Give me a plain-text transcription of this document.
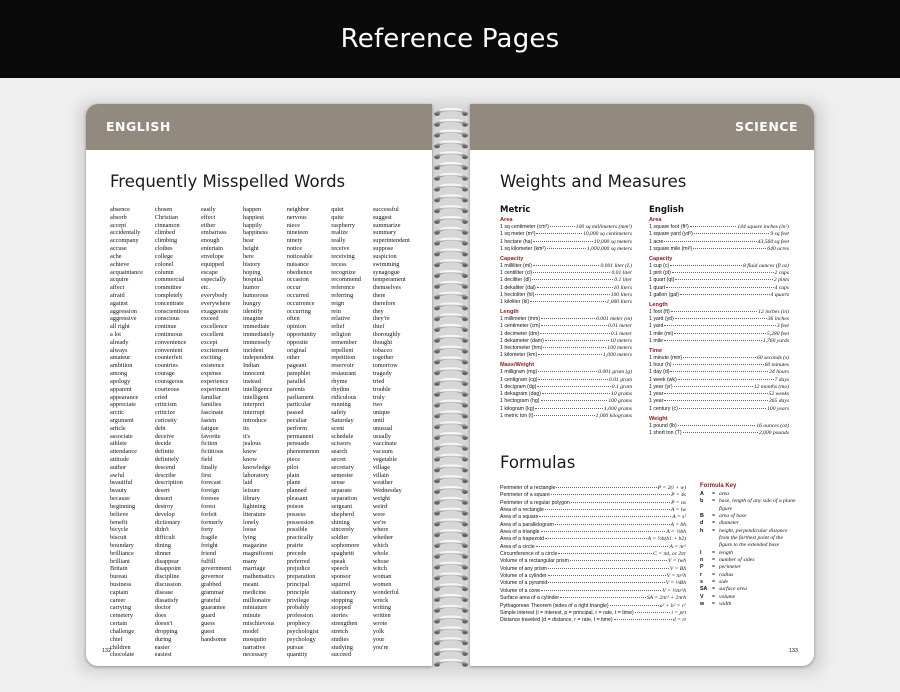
Reference Pages
ENGLISH
Frequently Misspelled Words
absence
absorb
accept
accidentally
accompany
accuse
ache
achieve
acquaintance
acquire
affect
afraid
against
aggression
aggressive
all right
a lot
already
always
amateur
ambition
among
apology
apparent
appearance
appreciate
arctic
argument
article
associate
athlete
attendance
attitude
author
awful
beautiful
beauty
because
beginning
believe
benefit
bicycle
biscuit
boundary
brilliance
brilliant
Britain
bureau
business
captain
career
carrying
cemetery
certain
challenge
chief
children
chocolate
chosen
Christian
cinnamon
climbed
climbing
clothes
college
colonel
column
commercial
committee
completely
concentrate
conscientious
conscious
continue
continuous
convenience
convenient
counterfeit
countries
courage
courageous
courteous
cried
criticism
criticize
curiosity
debt
deceive
decide
definite
definitely
descend
describe
description
desert
dessert
destroy
develop
dictionary
didn't
difficult
dining
dinner
disappear
disappoint
discipline
discussion
disease
dissatisfy
doctor
does
doesn't
dropping
during
easier
easiest
easily
effect
either
embarrass
enough
entertain
envelope
equipped
escape
especially
etc.
everybody
everywhere
exaggerate
exceed
excellence
excellent
except
excitement
exciting
existence
expense
experience
experiment
familiar
families
fascinate
fasten
fatigue
favorite
fiction
fictitious
field
finally
first
forecast
foreign
foresee
forest
forfeit
formerly
forty
fragile
freight
friend
fulfill
government
governor
grabbed
grammar
grateful
guarantee
guard
guess
guest
handsome
happen
happiest
happily
happiness
hear
height
here
history
hoping
hospital
humor
humorous
hungry
identify
imagine
immediate
immediately
immensely
incident
independent
Indian
innocent
instead
intelligence
intelligent
interpret
interrupt
introduce
its
it's
jealous
knew
know
knowledge
laboratory
laid
leisure
library
lightning
literature
lonely
loose
lying
magazine
magnificent
many
marriage
mathematics
meant
medicine
millionaire
miniature
minute
mischievous
model
mosquito
narrative
necessary
neighbor
nervous
niece
nineteen
ninety
notice
noticeable
nuisance
obedience
occasion
occur
occurred
occurrence
occurring
often
opinion
opportunity
opposite
original
other
pageant
pamphlet
parallel
parents
parliament
particular
passed
peculiar
perform
permanent
persuade
phenomenon
piece
pilot
plain
plane
planned
pleasant
poison
possess
possession
possible
practically
prairie
precede
preferred
prejudice
preparation
principal
principle
privilege
probably
profession
prophecy
psychologist
psychology
pursue
quantity
quiet
quite
raspberry
realize
really
receive
receiving
recess
recognize
recommend
reference
referring
reign
rein
relative
relief
religion
remember
repellent
repetition
reservoir
restaurant
rhyme
rhythm
ridiculous
running
safety
Saturday
scent
schedule
scissors
search
secret
secretary
semester
sense
separate
separation
sergeant
shepherd
shining
sincerely
soldier
sophomore
spaghetti
speak
speech
sponsor
squirrel
stationery
stopping
stopped
stories
strengthen
stretch
studies
studying
succeed
successful
suggest
summarize
summary
superintendent
suppose
suspicion
swimming
synagogue
temperament
themselves
there
therefore
they
they're
thief
thoroughly
thought
tobacco
together
tomorrow
tragedy
tried
trouble
truly
two
unique
until
unusual
usually
vaccinate
vacuum
vegetable
village
villain
weather
Wednesday
weight
weird
were
we're
where
whether
which
whole
whose
witch
woman
women
wonderful
wreck
writing
written
wrote
yolk
your
you're
132
SCIENCE
Weights and Measures
Metric	English
Area
1 sq centimeter (cm²)	100 sq millimeters (mm²)
1 sq meter (m²)	10,000 sq centimeters
1 hectare (ha)	10,000 sq meters
1 sq kilometer (km²)	1,000,000 sq meters
Capacity
1 milliliter (ml)	0.001 liter (L)
1 centiliter (cl)	0.01 liter
1 deciliter (dl)	0.1 liter
1 dekaliter (dal)	10 liters
1 hectoliter (hl)	100 liters
1 kiloliter (kl)	1,000 liters
Length
1 millimeter (mm)	0.001 meter (m)
1 centimeter (cm)	0.01 meter
1 decimeter (dm)	0.1 meter
1 dekameter (dam)	10 meters
1 hectometer (hm)	100 meters
1 kilometer (km)	1,000 meters
Mass/Weight
1 milligram (mg)	0.001 gram (g)
1 centigram (cg)	0.01 gram
1 decigram (dg)	0.1 gram
1 dekagram (dag)	10 grams
1 hectogram (hg)	100 grams
1 kilogram (kg)	1,000 grams
1 metric ton (t)	1,000 kilograms
Area
1 square foot (ft²)	144 square inches (in²)
1 square yard (yd²)	9 sq feet
1 acre	43,560 sq feet
1 square mile (mi²)	640 acres
Capacity
1 cup (c)	8 fluid ounces (fl oz)
1 pint (pt)	2 cups
1 quart (qt)	2 pints
1 quart	4 cups
1 gallon (gal)	4 quarts
Length
1 foot (ft)	12 inches (in)
1 yard (yd)	36 inches
1 yard	3 feet
1 mile (mi)	5,280 feet
1 mile	1,760 yards
Time
1 minute (min)	60 seconds (s)
1 hour (h)	60 minutes
1 day (d)	24 hours
1 week (wk)	7 days
1 year (yr)	12 months (mo)
1 year	52 weeks
1 year	365 days
1 century (c)	100 years
Weight
1 pound (lb)	16 ounces (oz)
1 short ton (T)	2,000 pounds
Formulas
Perimeter of a rectangle	P = 2(l + w)
Perimeter of a square	P = 4s
Perimeter of a regular polygon	P = ns
Area of a rectangle	A = lw
Area of a square	A = s²
Area of a parallelogram	A = bh
Area of a triangle	A = ½bh
Area of a trapezoid	A = ½h(b1 + b2)
Area of a circle	A = πr²
Circumference of a circle	C = πd, or 2πr
Volume of a rectangular prism	V = lwh
Volume of any prism	V = Bh
Volume of a cylinder	V = πr²h
Volume of a pyramid	V = ⅓Bh
Volume of a cone	V = ⅓πr²h
Surface area of a cylinder	SA = 2πr² + 2πrh
Pythagorean Theorem (sides of a right triangle)	a² + b² = c²
Simple interest (i = interest, p = principal, r = rate, t = time)	i = prt
Distance traveled (d = distance, r = rate, t = time)	d = rt
Formula Key
A	= area
b	= base, length of any side of a plane figure
B	= area of base
d	= diameter
h	= height, perpendicular distance from the farthest point of the figure to the extended base
l	= length
n	= number of sides
P	= perimeter
r	= radius
s	= side
SA = surface area
V	= volume
w	= width
133
